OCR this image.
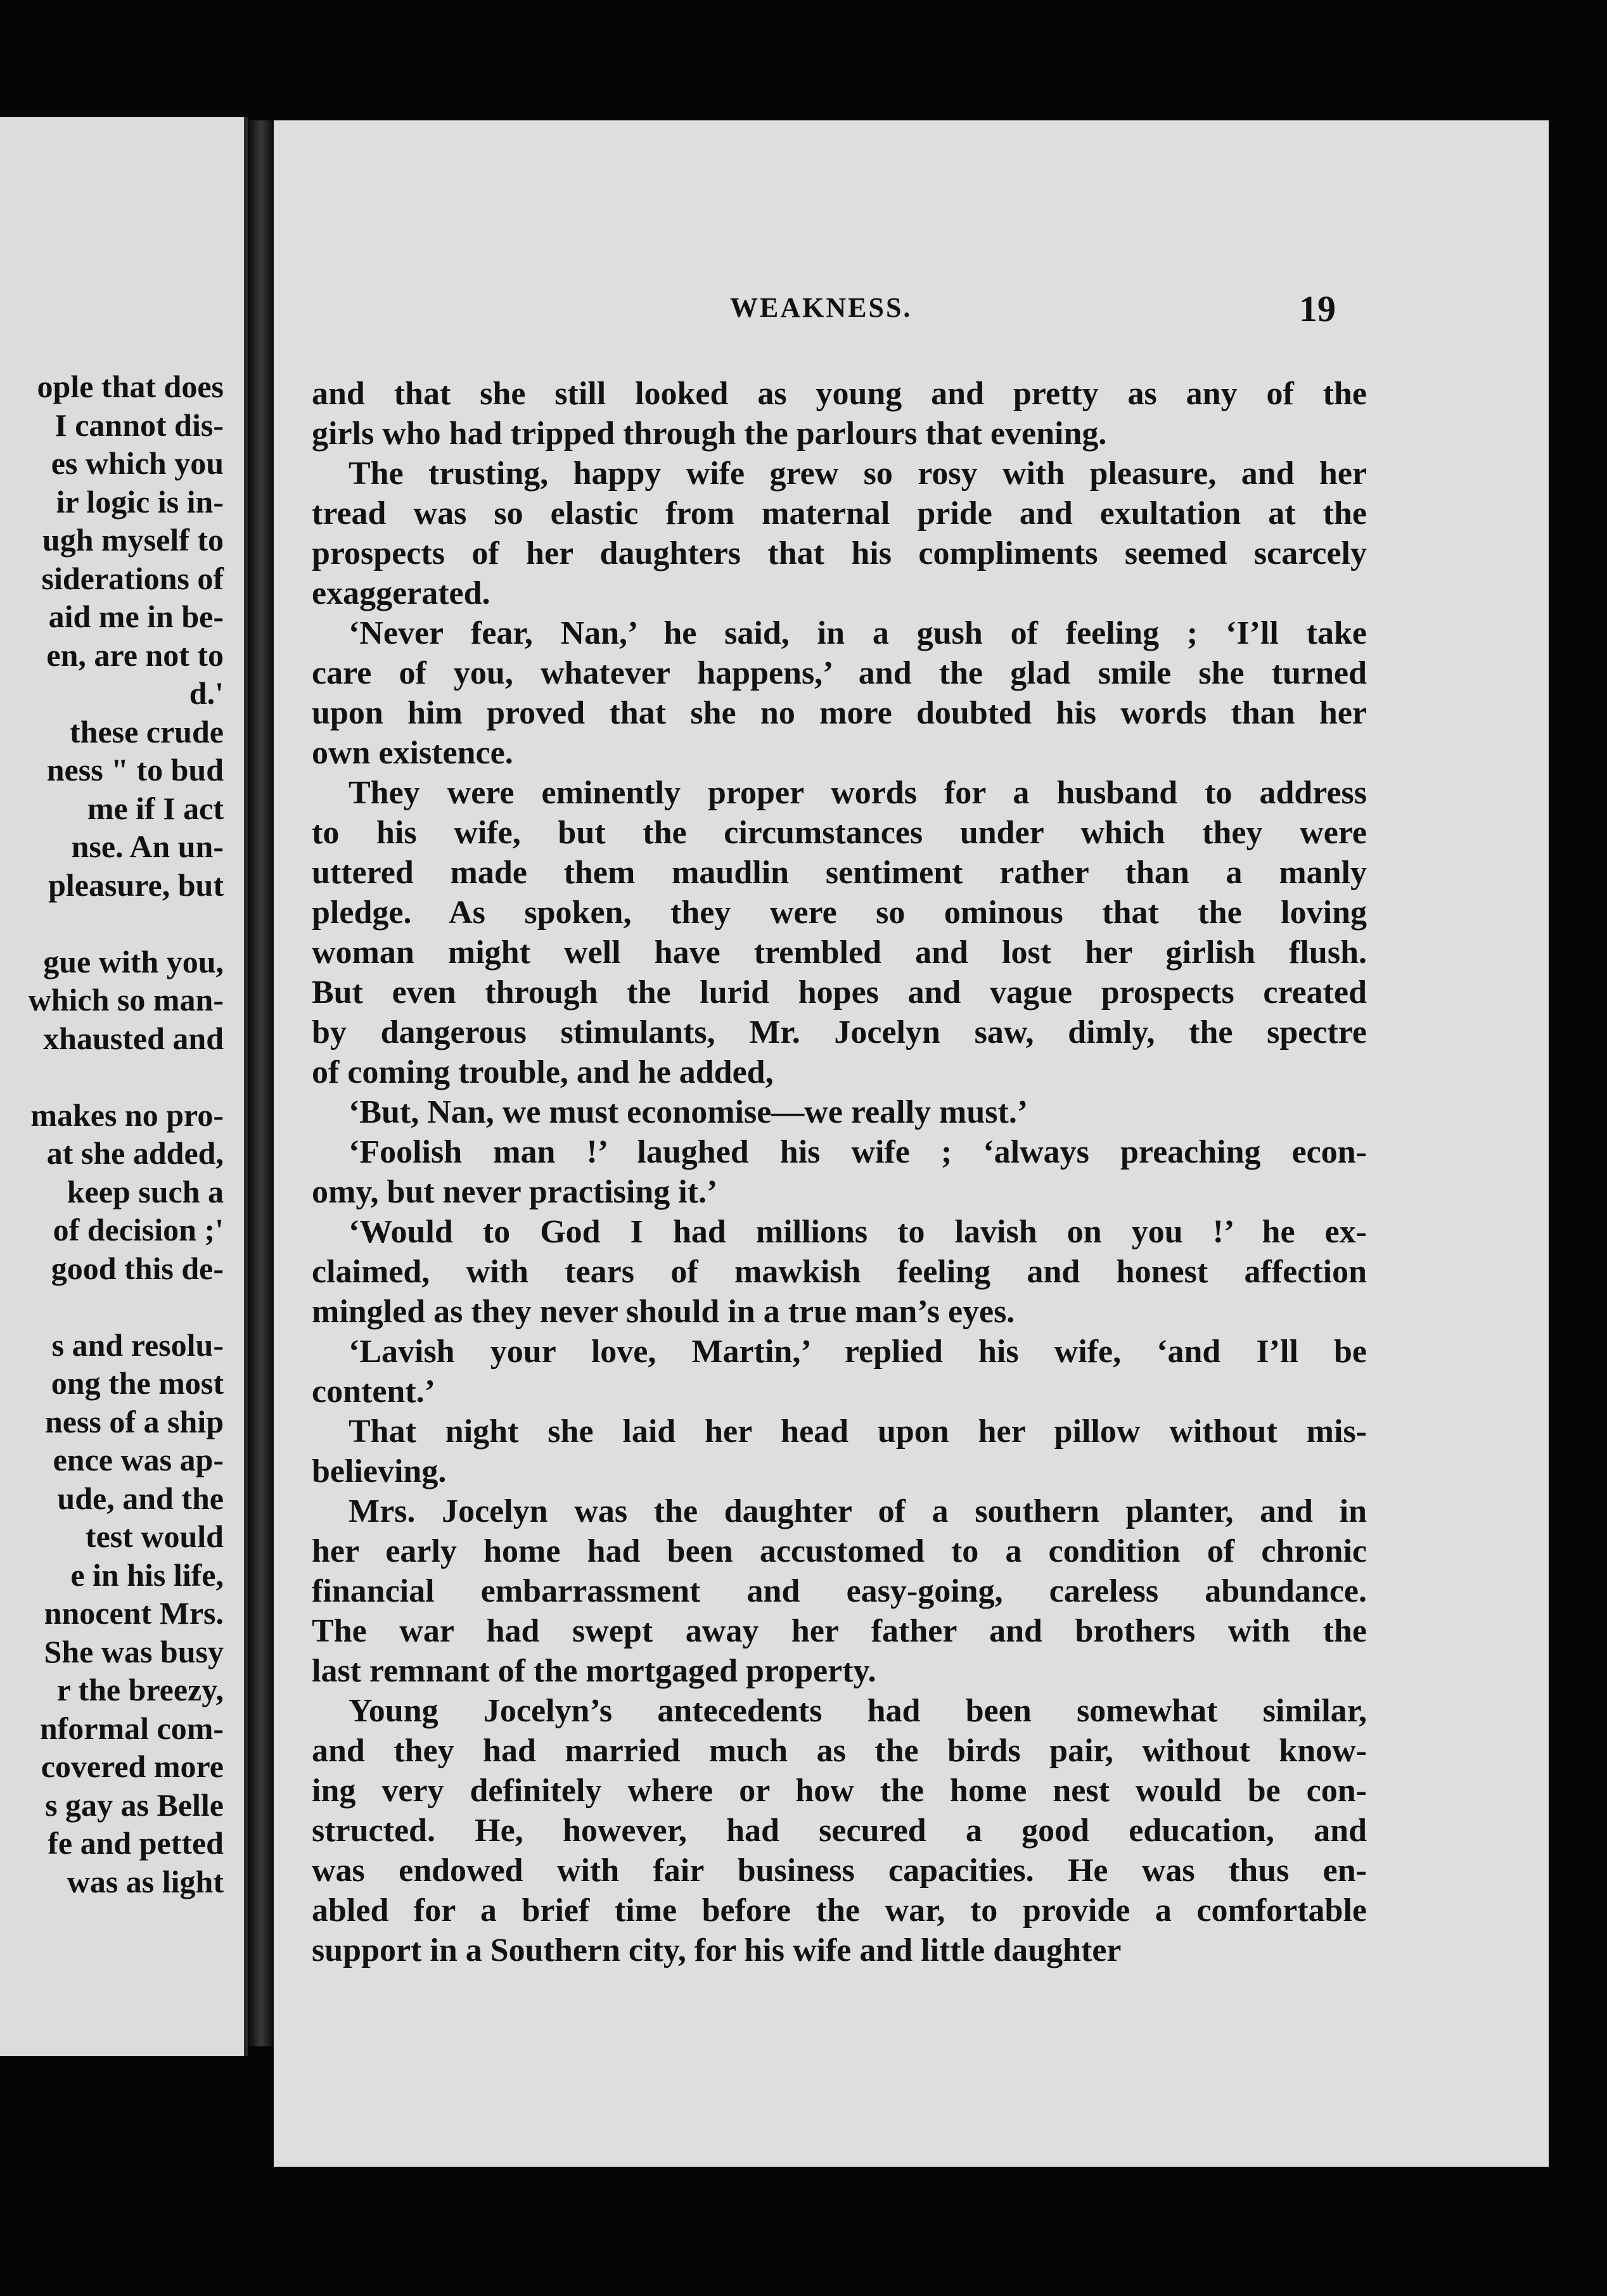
ople that does
I cannot dis-
es which you
ir logic is in-
ugh myself to
siderations of
aid me in be-
en, are not to
d.'
these crude
ness " to bud
me if I act
nse. An un-
pleasure, but
gue with you,
which so man-
xhausted and
makes no pro-
at she added,
keep such a
of decision ;'
good this de-
s and resolu-
ong the most
ness of a ship
ence was ap-
ude, and the
test would
e in his life,
nnocent Mrs.
She was busy
r the breezy,
nformal com-
covered more
s gay as Belle
fe and petted
was as light
WEAKNESS.	19
and that she still looked as young and pretty as any of the
girls who had tripped through the parlours that evening.
The trusting, happy wife grew so rosy with pleasure, and her
tread was so elastic from maternal pride and exultation at the
prospects of her daughters that his compliments seemed scarcely
exaggerated.
‘Never fear, Nan,’ he said, in a gush of feeling ; ‘I’ll take
care of you, whatever happens,’ and the glad smile she turned
upon him proved that she no more doubted his words than her
own existence.
They were eminently proper words for a husband to address
to his wife, but the circumstances under which they were
uttered made them maudlin sentiment rather than a manly
pledge. As spoken, they were so ominous that the loving
woman might well have trembled and lost her girlish flush.
But even through the lurid hopes and vague prospects created
by dangerous stimulants, Mr. Jocelyn saw, dimly, the spectre
of coming trouble, and he added,
‘But, Nan, we must economise—we really must.’
‘Foolish man !’ laughed his wife ; ‘always preaching econ-
omy, but never practising it.’
‘Would to God I had millions to lavish on you !’ he ex-
claimed, with tears of mawkish feeling and honest affection
mingled as they never should in a true man’s eyes.
‘Lavish your love, Martin,’ replied his wife, ‘and I’ll be
content.’
That night she laid her head upon her pillow without mis-
believing.
Mrs. Jocelyn was the daughter of a southern planter, and in
her early home had been accustomed to a condition of chronic
financial embarrassment and easy-going, careless abundance.
The war had swept away her father and brothers with the
last remnant of the mortgaged property.
Young Jocelyn’s antecedents had been somewhat similar,
and they had married much as the birds pair, without know-
ing very definitely where or how the home nest would be con-
structed. He, however, had secured a good education, and
was endowed with fair business capacities. He was thus en-
abled for a brief time before the war, to provide a comfortable
support in a Southern city, for his wife and little daughter
